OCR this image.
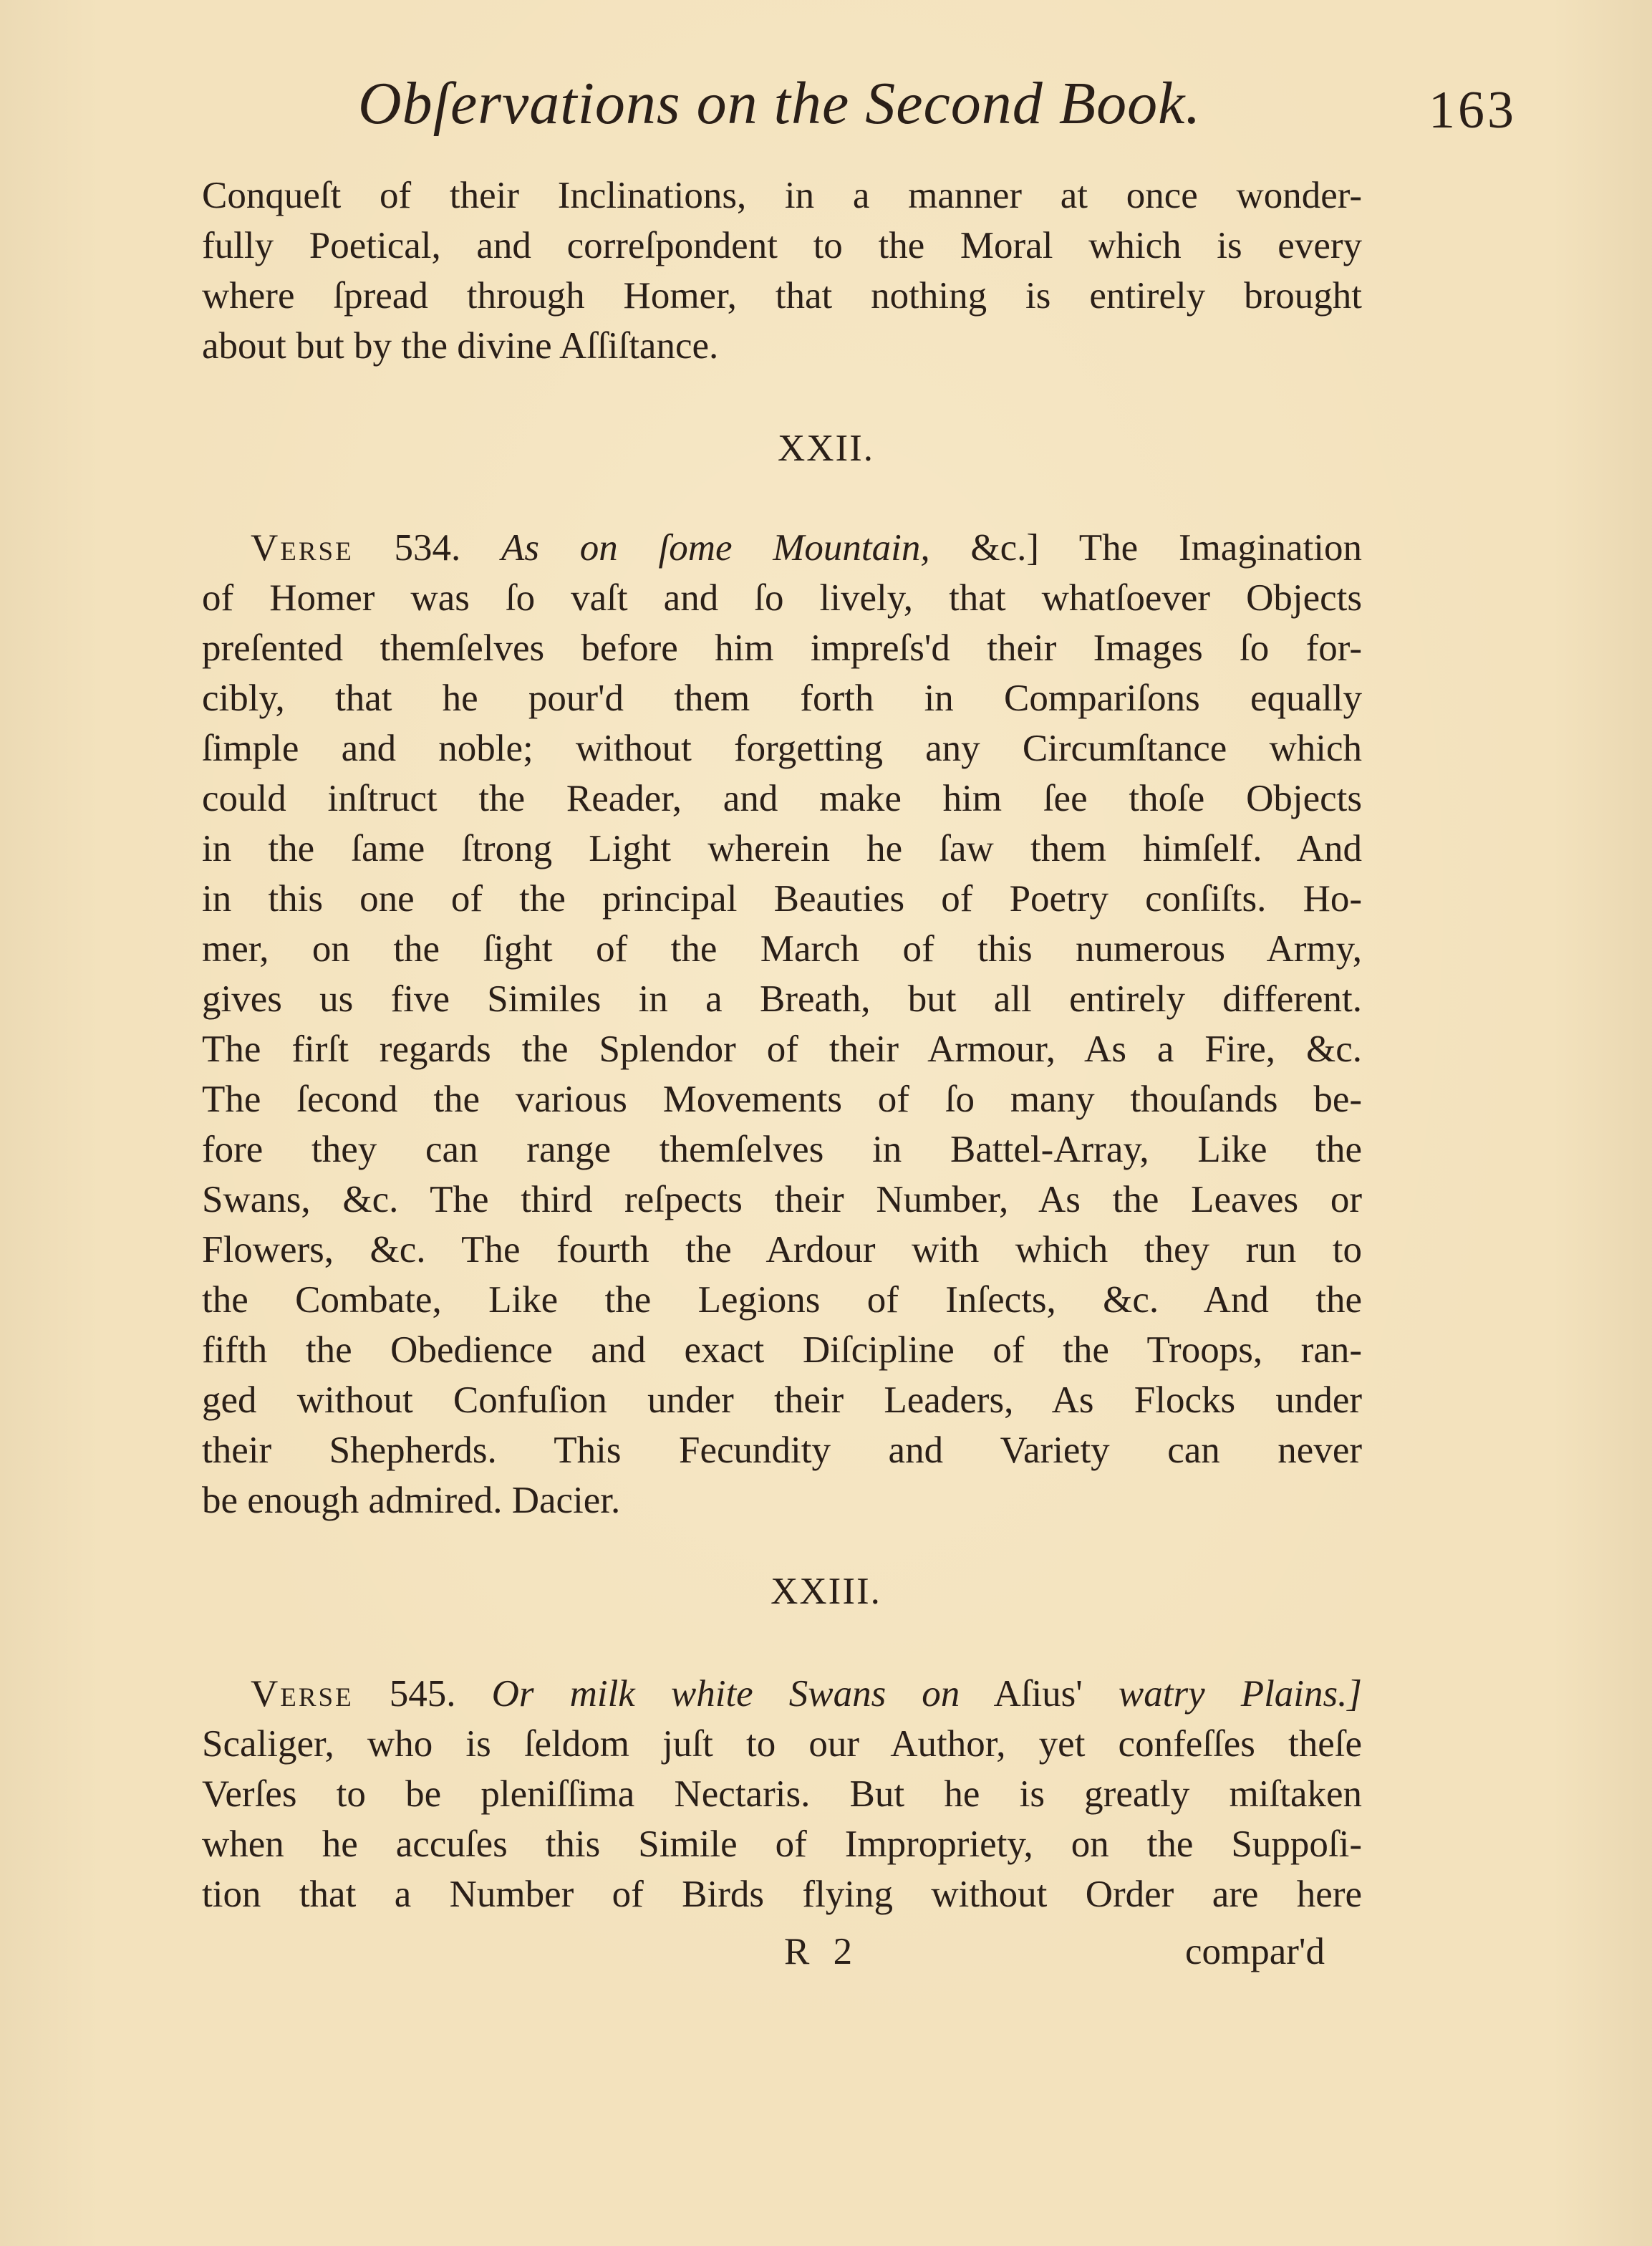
Obſervations on the Second Book.	163
Conqueſt of their Inclinations, in a manner at once wonder-
fully Poetical, and correſpondent to the Moral which is every
where ſpread through Homer, that nothing is entirely brought
about but by the divine Aſſiſtance.
XXII.
Verse 534. As on ſome Mountain, &c.] The Imagination
of Homer was ſo vaſt and ſo lively, that whatſoever Objects
preſented themſelves before him impreſs'd their Images ſo for-
cibly, that he pour'd them forth in Compariſons equally
ſimple and noble; without forgetting any Circumſtance which
could inſtruct the Reader, and make him ſee thoſe Objects
in the ſame ſtrong Light wherein he ſaw them himſelf. And
in this one of the principal Beauties of Poetry conſiſts. Ho-
mer, on the ſight of the March of this numerous Army,
gives us five Similes in a Breath, but all entirely different.
The firſt regards the Splendor of their Armour, As a Fire, &c.
The ſecond the various Movements of ſo many thouſands be-
fore they can range themſelves in Battel-Array, Like the
Swans, &c. The third reſpects their Number, As the Leaves or
Flowers, &c. The fourth the Ardour with which they run to
the Combate, Like the Legions of Inſects, &c. And the
fifth the Obedience and exact Diſcipline of the Troops, ran-
ged without Confuſion under their Leaders, As Flocks under
their Shepherds. This Fecundity and Variety can never
be enough admired. Dacier.
XXIII.
Verse 545. Or milk white Swans on Aſius' watry Plains.]
Scaliger, who is ſeldom juſt to our Author, yet confeſſes theſe
Verſes to be pleniſſima Nectaris. But he is greatly miſtaken
when he accuſes this Simile of Impropriety, on the Suppoſi-
tion that a Number of Birds flying without Order are here
R 2	compar'd
